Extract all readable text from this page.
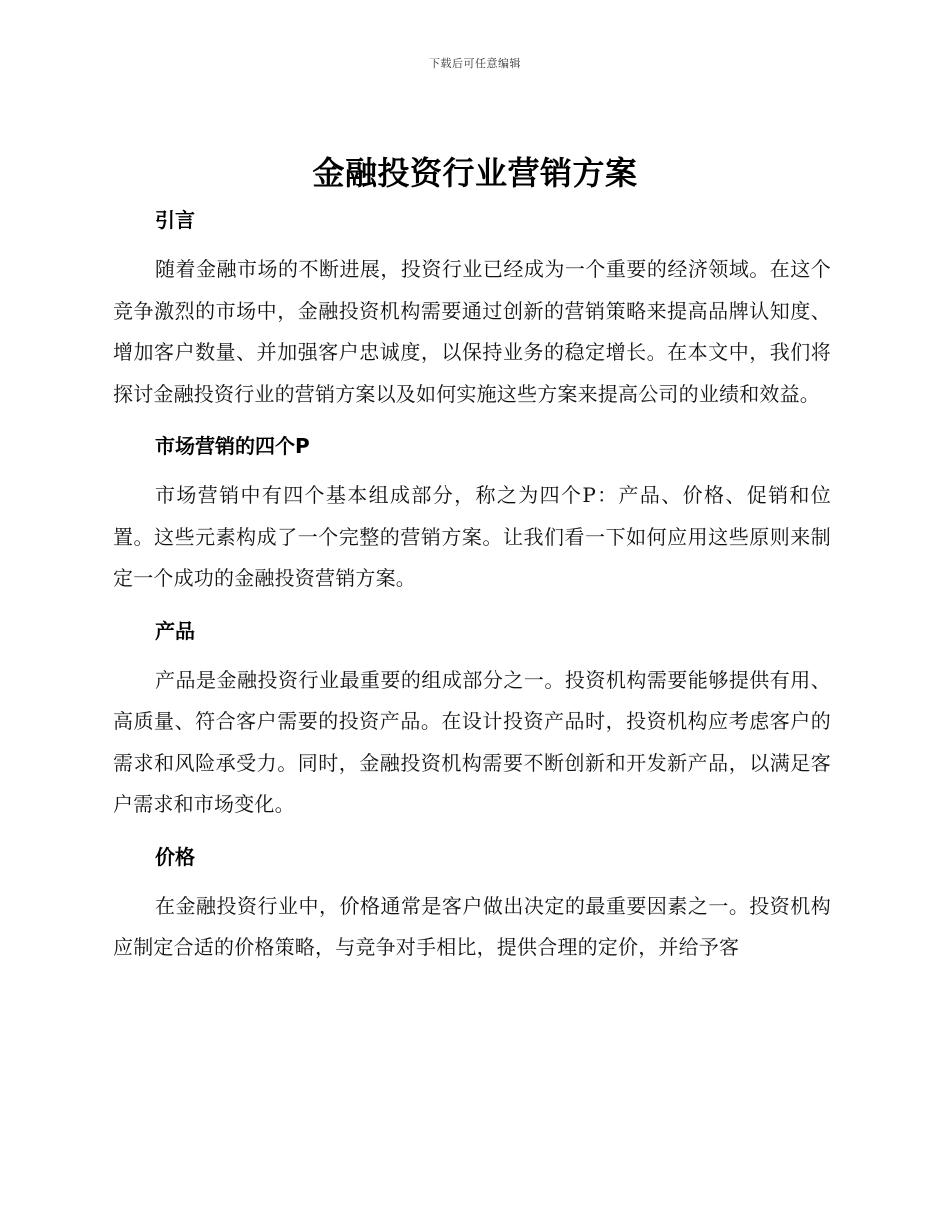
下载后可任意编辑
金融投资行业营销方案
引言

随着金融市场的不断进展，投资行业已经成为一个重要的经济领域。在这个竞争激烈的市场中，金融投资机构需要通过创新的营销策略来提高品牌认知度、增加客户数量、并加强客户忠诚度，以保持业务的稳定增长。在本文中，我们将探讨金融投资行业的营销方案以及如何实施这些方案来提高公司的业绩和效益。

市场营销的四个P

市场营销中有四个基本组成部分，称之为四个P：产品、价格、促销和位置。这些元素构成了一个完整的营销方案。让我们看一下如何应用这些原则来制定一个成功的金融投资营销方案。

产品

产品是金融投资行业最重要的组成部分之一。投资机构需要能够提供有用、高质量、符合客户需要的投资产品。在设计投资产品时，投资机构应考虑客户的需求和风险承受力。同时，金融投资机构需要不断创新和开发新产品，以满足客户需求和市场变化。

价格

在金融投资行业中，价格通常是客户做出决定的最重要因素之一。投资机构应制定合适的价格策略，与竞争对手相比，提供合理的定价，并给予客
